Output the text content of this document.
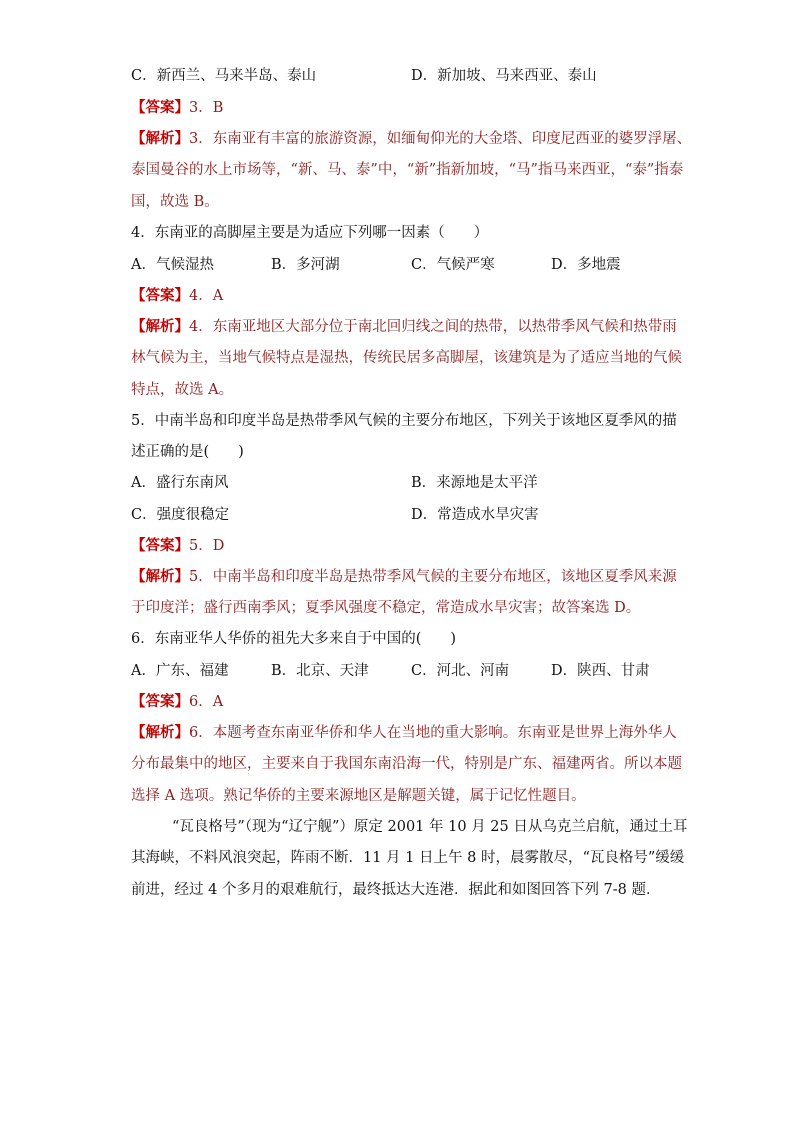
C．新西兰、马来半岛、泰山	D．新加坡、马来西亚、泰山
【答案】3．B
【解析】3．东南亚有丰富的旅游资源，如缅甸仰光的大金塔、印度尼西亚的婆罗浮屠、
泰国曼谷的水上市场等，“新、马、泰”中，“新”指新加坡，“马”指马来西亚，“泰”指泰
国，故选 B。
4．东南亚的高脚屋主要是为适应下列哪一因素（　　）
A．气候湿热	B．多河湖	C．气候严寒	D．多地震
【答案】4．A
【解析】4．东南亚地区大部分位于南北回归线之间的热带，以热带季风气候和热带雨
林气候为主，当地气候特点是湿热，传统民居多高脚屋，该建筑是为了适应当地的气候
特点，故选 A。
5．中南半岛和印度半岛是热带季风气候的主要分布地区，下列关于该地区夏季风的描
述正确的是(　　)
A．盛行东南风	B．来源地是太平洋
C．强度很稳定	D．常造成水旱灾害
【答案】5．D
【解析】5．中南半岛和印度半岛是热带季风气候的主要分布地区，该地区夏季风来源
于印度洋；盛行西南季风；夏季风强度不稳定，常造成水旱灾害；故答案选 D。
6．东南亚华人华侨的祖先大多来自于中国的(　　)
A．广东、福建	B．北京、天津	C．河北、河南	D．陕西、甘肃
【答案】6．A
【解析】6．本题考查东南亚华侨和华人在当地的重大影响。东南亚是世界上海外华人
分布最集中的地区，主要来自于我国东南沿海一代，特别是广东、福建两省。所以本题
选择 A 选项。熟记华侨的主要来源地区是解题关键，属于记忆性题目。
“瓦良格号”（现为“辽宁舰”）原定 2001 年 10 月 25 日从乌克兰启航，通过土耳
其海峡，不料风浪突起，阵雨不断．11 月 1 日上午 8 时，晨雾散尽，“瓦良格号”缓缓
前进，经过 4 个多月的艰难航行，最终抵达大连港．据此和如图回答下列 7-8 题．
